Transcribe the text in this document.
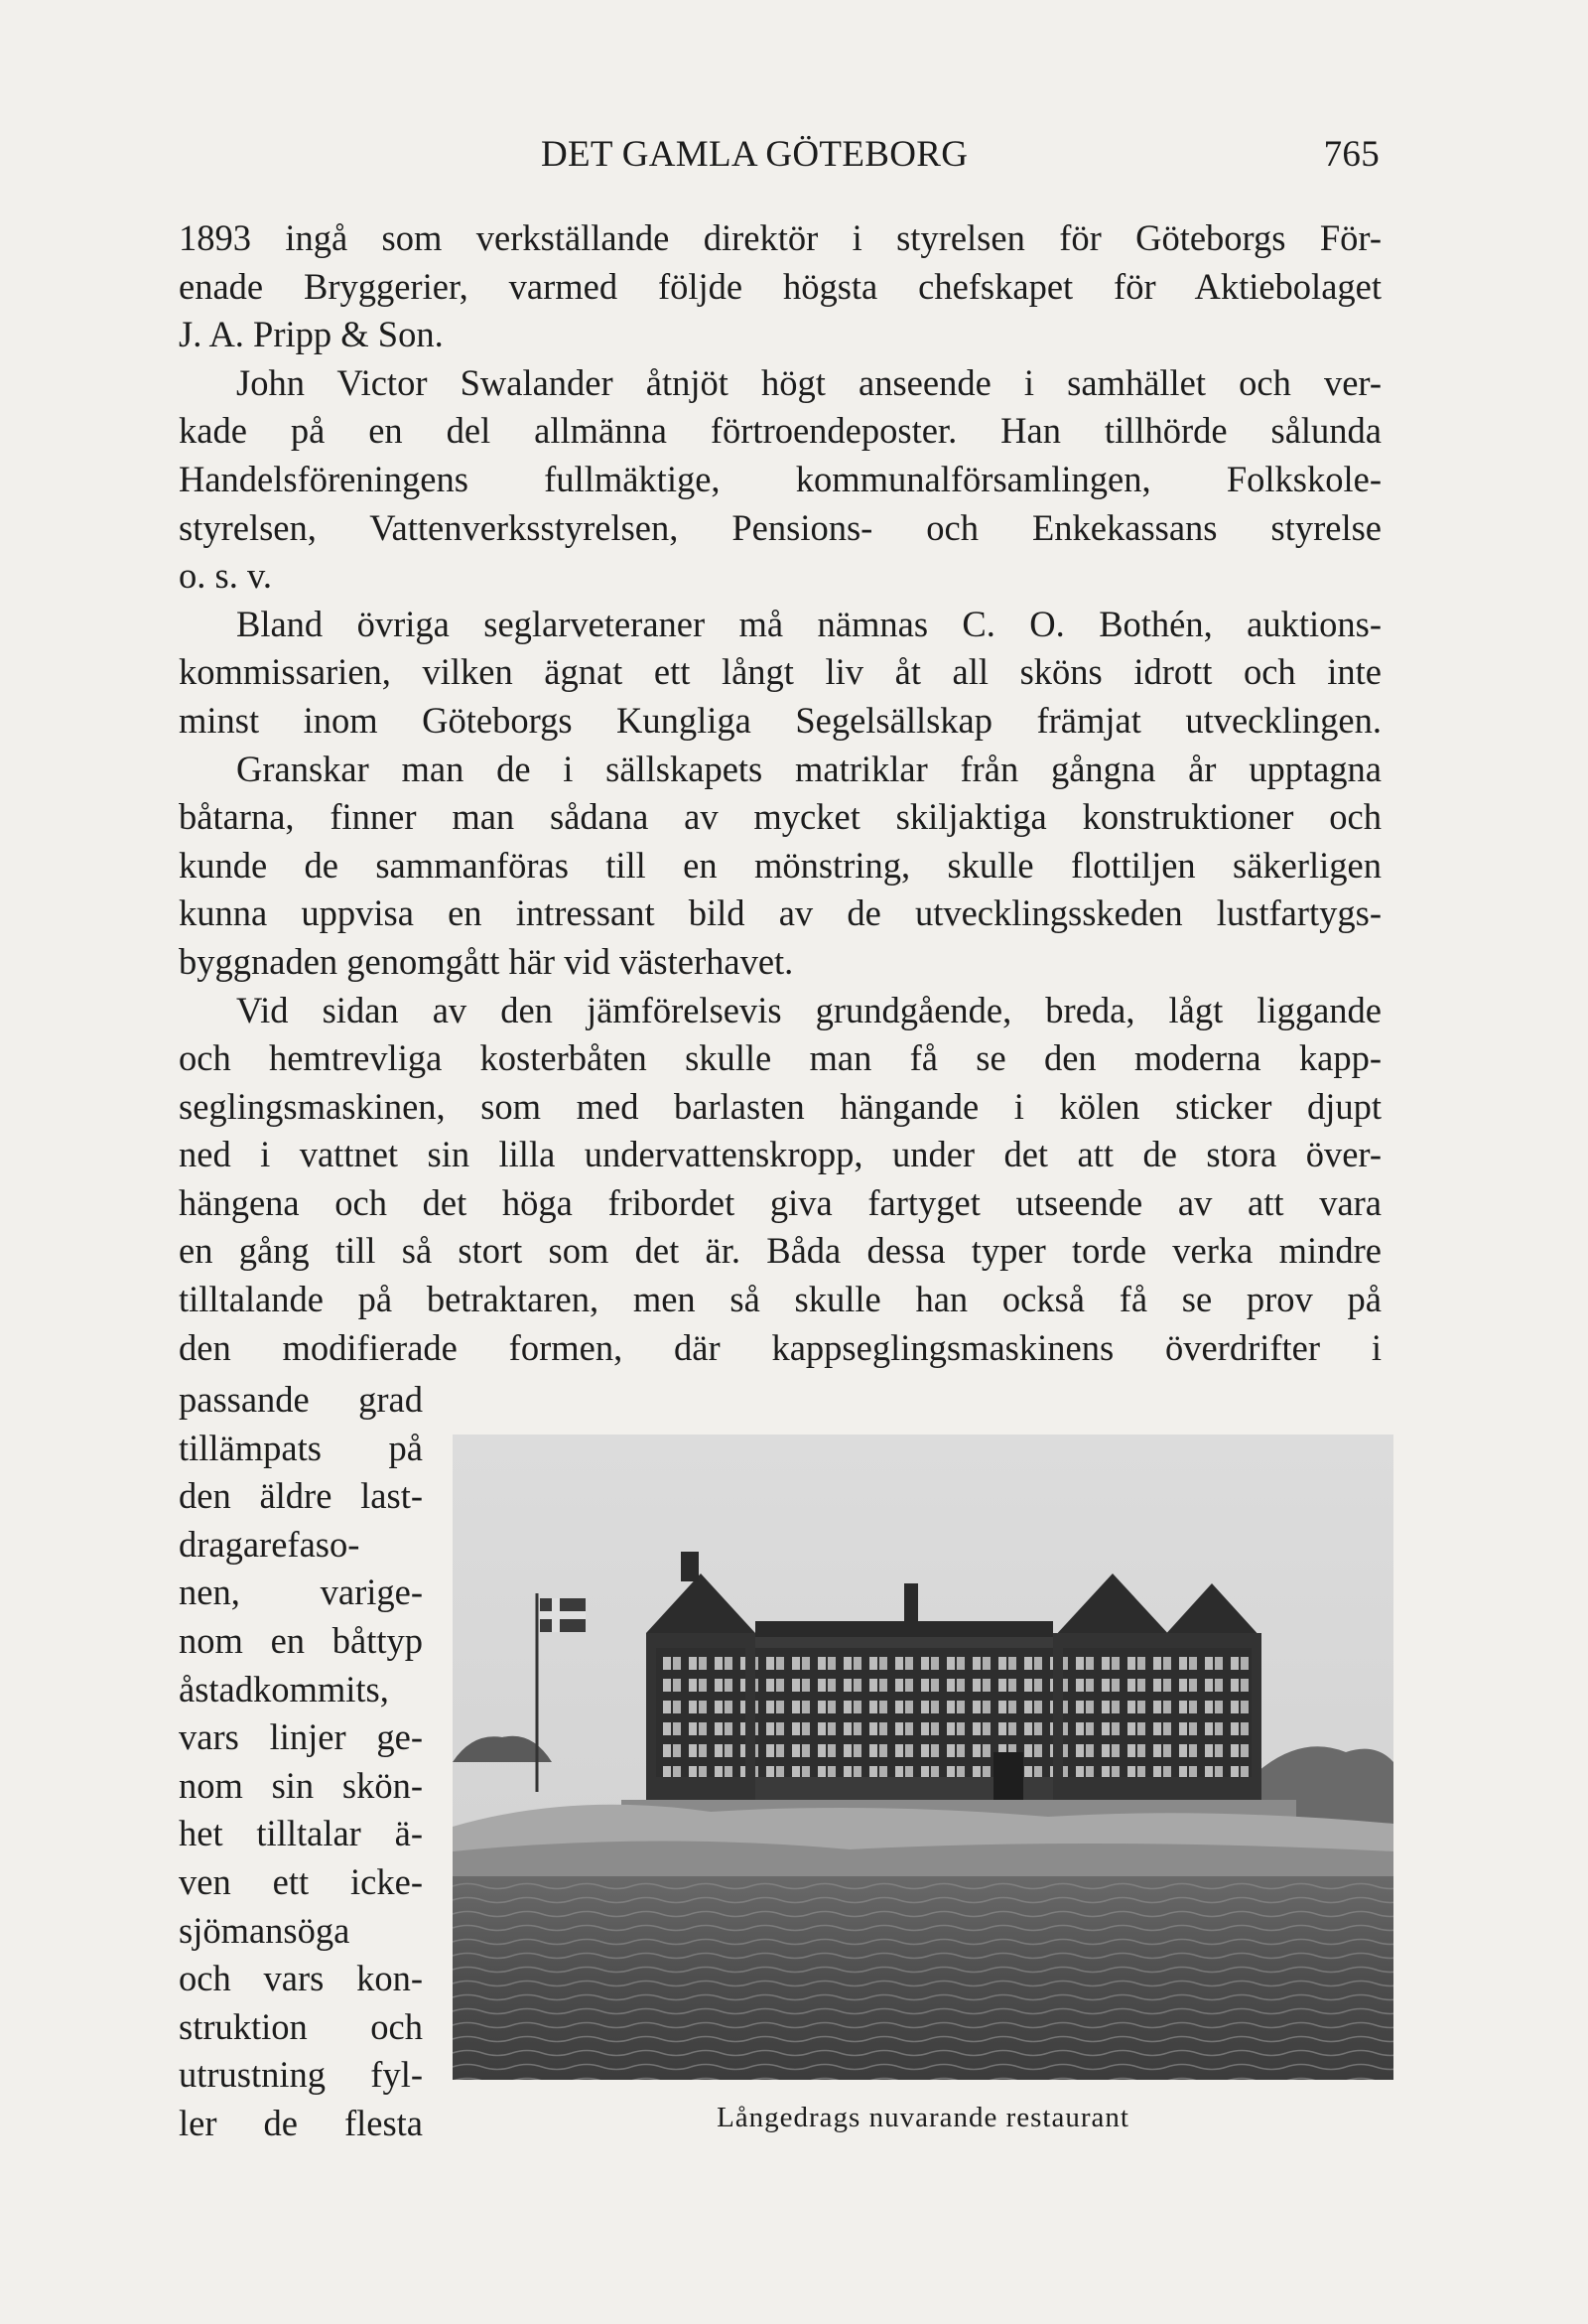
DET GAMLA GÖTEBORG	765
1893 ingå som verkställande direktör i styrelsen för Göteborgs För-
enade Bryggerier, varmed följde högsta chefskapet för Aktiebolaget
J. A. Pripp & Son.
John Victor Swalander åtnjöt högt anseende i samhället och ver-
kade på en del allmänna förtroendeposter. Han tillhörde sålunda
Handelsföreningens fullmäktige, kommunalförsamlingen, Folkskole-
styrelsen, Vattenverksstyrelsen, Pensions- och Enkekassans styrelse
o. s. v.
Bland övriga seglarveteraner må nämnas C. O. Bothén, auktions-
kommissarien, vilken ägnat ett långt liv åt all sköns idrott och inte
minst inom Göteborgs Kungliga Segelsällskap främjat utvecklingen.
Granskar man de i sällskapets matriklar från gångna år upptagna
båtarna, finner man sådana av mycket skiljaktiga konstruktioner och
kunde de sammanföras till en mönstring, skulle flottiljen säkerligen
kunna uppvisa en intressant bild av de utvecklingsskeden lustfartygs-
byggnaden genomgått här vid västerhavet.
Vid sidan av den jämförelsevis grundgående, breda, lågt liggande
och hemtrevliga kosterbåten skulle man få se den moderna kapp-
seglingsmaskinen, som med barlasten hängande i kölen sticker djupt
ned i vattnet sin lilla undervattenskropp, under det att de stora över-
hängena och det höga fribordet giva fartyget utseende av att vara
en gång till så stort som det är. Båda dessa typer torde verka mindre
tilltalande på betraktaren, men så skulle han också få se prov på
den modifierade formen, där kappseglingsmaskinens överdrifter i
passande grad
tillämpats på
den äldre last-
dragarefaso-
nen, varige-
nom en båttyp
åstadkommits,
vars linjer ge-
nom sin skön-
het tilltalar ä-
ven ett icke-
sjömansöga
och vars kon-
struktion och
utrustning fyl-
ler de flesta	Långedrags nuvarande restaurant
